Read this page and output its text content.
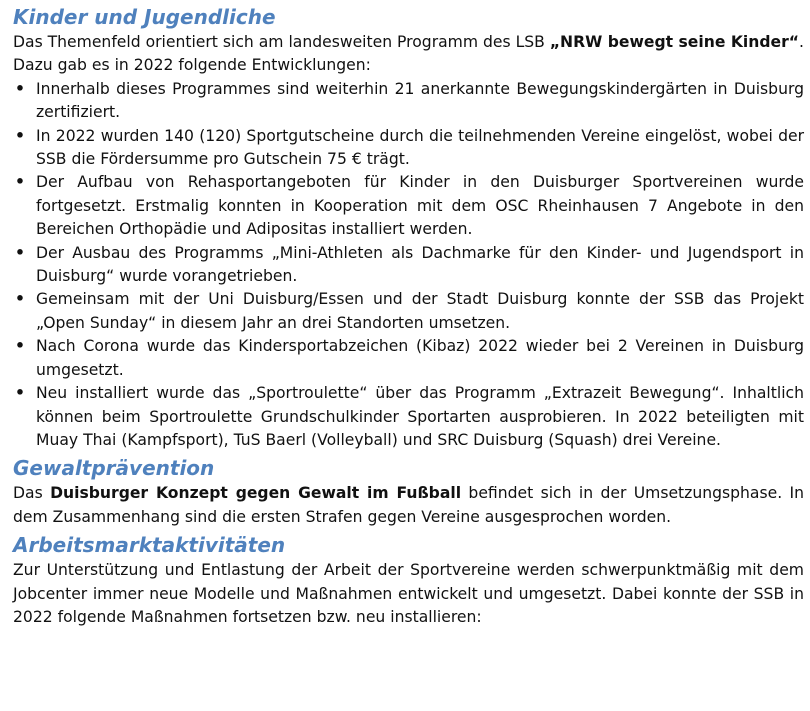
Kinder und Jugendliche

Das Themenfeld orientiert sich am landesweiten Programm des LSB „NRW bewegt seine Kinder“. Dazu gab es in 2022 folgende Entwicklungen:

• Innerhalb dieses Programmes sind weiterhin 21 anerkannte Bewegungskindergärten in Duisburg zertifiziert.
• In 2022 wurden 140 (120) Sportgutscheine durch die teilnehmenden Vereine eingelöst, wobei der SSB die Fördersumme pro Gutschein 75 € trägt.
• Der Aufbau von Rehasportangeboten für Kinder in den Duisburger Sportvereinen wurde fortgesetzt. Erstmalig konnten in Kooperation mit dem OSC Rheinhausen 7 Angebote in den Bereichen Orthopädie und Adipositas installiert werden.
• Der Ausbau des Programms „Mini-Athleten als Dachmarke für den Kinder- und Jugendsport in Duisburg“ wurde vorangetrieben.
• Gemeinsam mit der Uni Duisburg/Essen und der Stadt Duisburg konnte der SSB das Projekt „Open Sunday“ in diesem Jahr an drei Standorten umsetzen.
• Nach Corona wurde das Kindersportabzeichen (Kibaz) 2022 wieder bei 2 Vereinen in Duisburg umgesetzt.
• Neu installiert wurde das „Sportroulette“ über das Programm „Extrazeit Bewegung“. Inhaltlich können beim Sportroulette Grundschulkinder Sportarten ausprobieren. In 2022 beteiligten mit Muay Thai (Kampfsport), TuS Baerl (Volleyball) und SRC Duisburg (Squash) drei Vereine.
Gewaltprävention

Das Duisburger Konzept gegen Gewalt im Fußball befindet sich in der Umsetzungsphase. In dem Zusammenhang sind die ersten Strafen gegen Vereine ausgesprochen worden.

Arbeitsmarktaktivitäten

Zur Unterstützung und Entlastung der Arbeit der Sportvereine werden schwerpunktmäßig mit dem Jobcenter immer neue Modelle und Maßnahmen entwickelt und umgesetzt. Dabei konnte der SSB in 2022 folgende Maßnahmen fortsetzen bzw. neu installieren:
